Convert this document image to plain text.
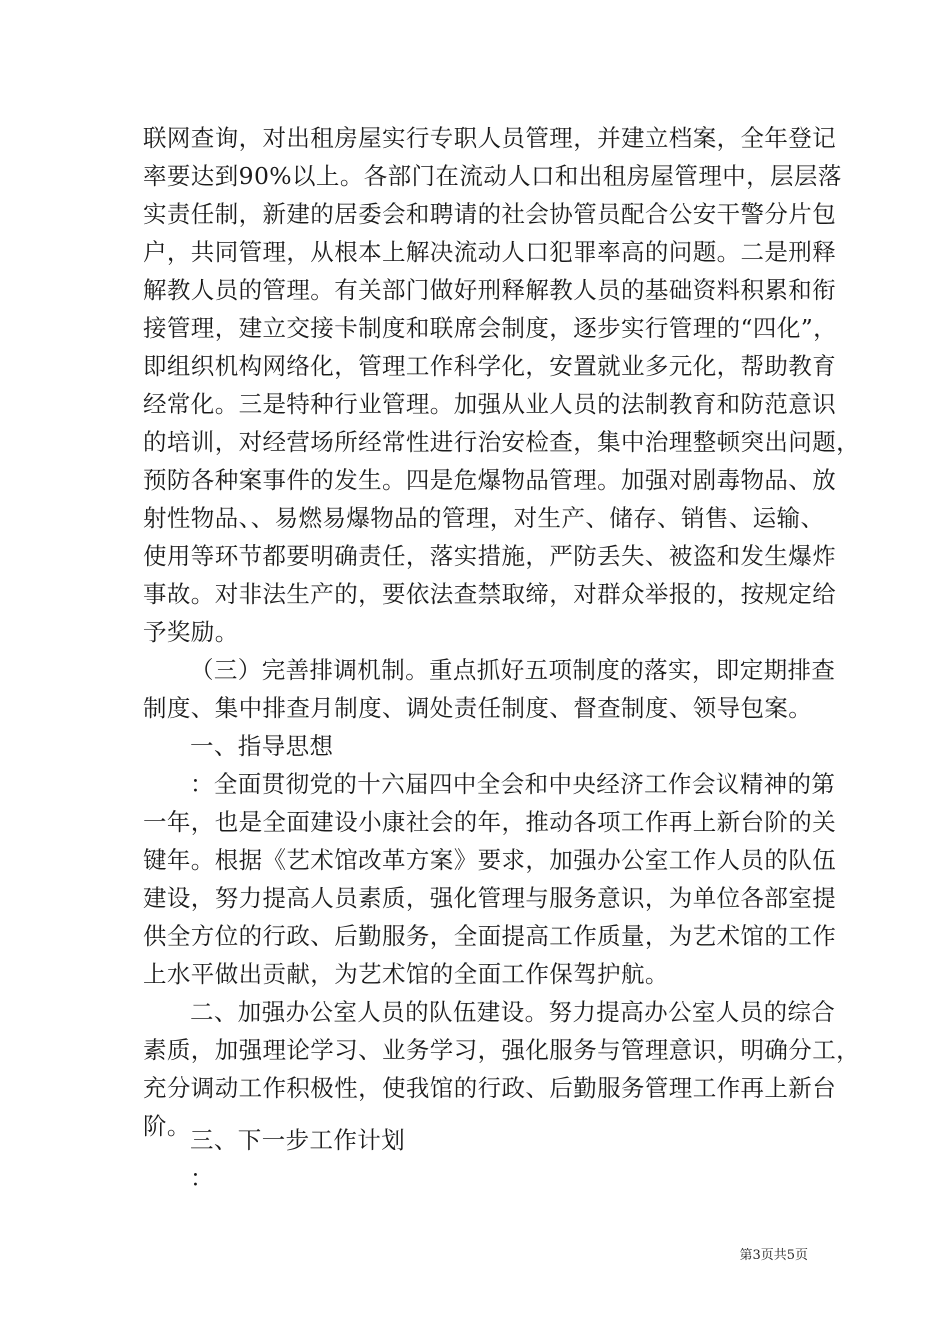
联网查询，对出租房屋实行专职人员管理，并建立档案，全年登记
率要达到90%以上。各部门在流动人口和出租房屋管理中，层层落
实责任制，新建的居委会和聘请的社会协管员配合公安干警分片包
户，共同管理，从根本上解决流动人口犯罪率高的问题。二是刑释
解教人员的管理。有关部门做好刑释解教人员的基础资料积累和衔
接管理，建立交接卡制度和联席会制度，逐步实行管理的“四化”，
即组织机构网络化，管理工作科学化，安置就业多元化，帮助教育
经常化。三是特种行业管理。加强从业人员的法制教育和防范意识
的培训，对经营场所经常性进行治安检查，集中治理整顿突出问题，
预防各种案事件的发生。四是危爆物品管理。加强对剧毒物品、放
射性物品、、易燃易爆物品的管理，对生产、储存、销售、运输、
使用等环节都要明确责任，落实措施，严防丢失、被盗和发生爆炸
事故。对非法生产的，要依法查禁取缔，对群众举报的，按规定给
予奖励。
（三）完善排调机制。重点抓好五项制度的落实，即定期排查
制度、集中排查月制度、调处责任制度、督查制度、领导包案。
一、指导思想
：全面贯彻党的十六届四中全会和中央经济工作会议精神的第
一年，也是全面建设小康社会的年，推动各项工作再上新台阶的关
键年。根据《艺术馆改革方案》要求，加强办公室工作人员的队伍
建设，努力提高人员素质，强化管理与服务意识，为单位各部室提
供全方位的行政、后勤服务，全面提高工作质量，为艺术馆的工作
上水平做出贡献，为艺术馆的全面工作保驾护航。
二、加强办公室人员的队伍建设。努力提高办公室人员的综合
素质，加强理论学习、业务学习，强化服务与管理意识，明确分工，
充分调动工作积极性，使我馆的行政、后勤服务管理工作再上新台
阶。 三、下一步工作计划
：
第3页共5页
